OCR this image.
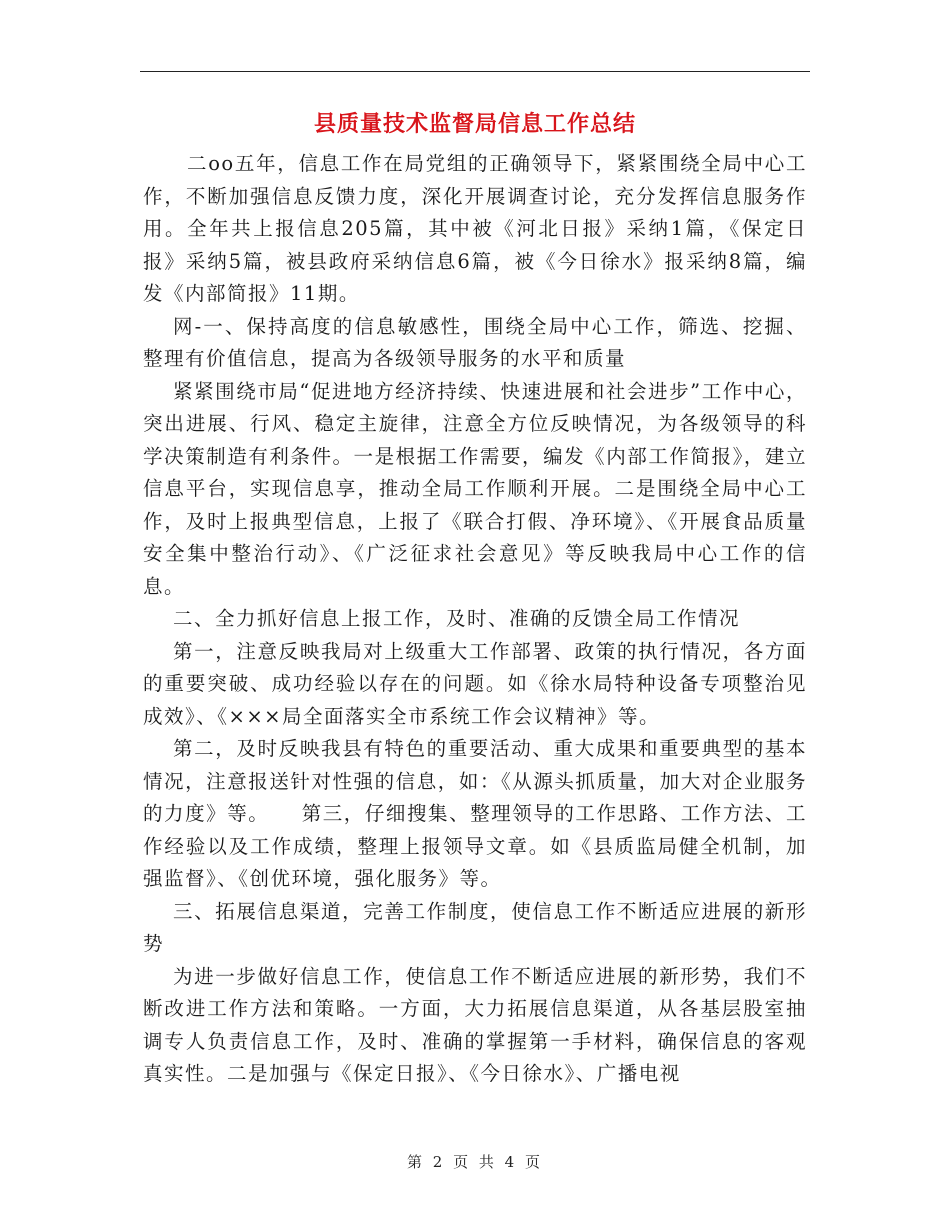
县质量技术监督局信息工作总结

二oo五年，信息工作在局党组的正确领导下，紧紧围绕全局中心工作，不断加强信息反馈力度，深化开展调查讨论，充分发挥信息服务作用。全年共上报信息205篇，其中被《河北日报》采纳1篇，《保定日报》采纳5篇，被县政府采纳信息6篇，被《今日徐水》报采纳8篇，编发《内部简报》11期。

网-一、保持高度的信息敏感性，围绕全局中心工作，筛选、挖掘、整理有价值信息，提高为各级领导服务的水平和质量

紧紧围绕市局“促进地方经济持续、快速进展和社会进步”工作中心，突出进展、行风、稳定主旋律，注意全方位反映情况，为各级领导的科学决策制造有利条件。一是根据工作需要，编发《内部工作简报》，建立信息平台，实现信息享，推动全局工作顺利开展。二是围绕全局中心工作，及时上报典型信息，上报了《联合打假、净环境》、《开展食品质量安全集中整治行动》、《广泛征求社会意见》等反映我局中心工作的信息。

二、全力抓好信息上报工作，及时、准确的反馈全局工作情况

第一，注意反映我局对上级重大工作部署、政策的执行情况，各方面的重要突破、成功经验以存在的问题。如《徐水局特种设备专项整治见成效》、《×××局全面落实全市系统工作会议精神》等。

第二，及时反映我县有特色的重要活动、重大成果和重要典型的基本情况，注意报送针对性强的信息，如：《从源头抓质量，加大对企业服务的力度》等。　　第三，仔细搜集、整理领导的工作思路、工作方法、工作经验以及工作成绩，整理上报领导文章。如《县质监局健全机制，加强监督》、《创优环境，强化服务》等。

三、拓展信息渠道，完善工作制度，使信息工作不断适应进展的新形势

为进一步做好信息工作，使信息工作不断适应进展的新形势，我们不断改进工作方法和策略。一方面，大力拓展信息渠道，从各基层股室抽调专人负责信息工作，及时、准确的掌握第一手材料，确保信息的客观真实性。二是加强与《保定日报》、《今日徐水》、广播电视

第 2 页 共 4 页
